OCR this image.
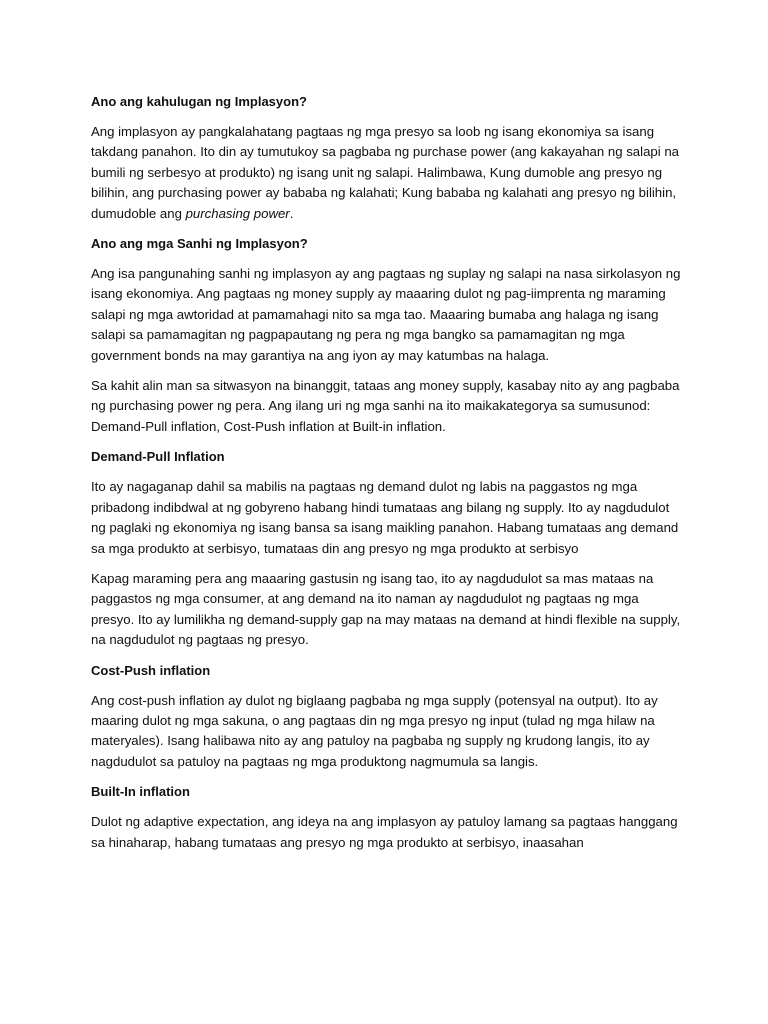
Ano ang kahulugan ng Implasyon?

Ang implasyon ay pangkalahatang pagtaas ng mga presyo sa loob ng isang ekonomiya sa isang takdang panahon. Ito din ay tumutukoy sa pagbaba ng purchase power (ang kakayahan ng salapi na bumili ng serbesyo at produkto) ng isang unit ng salapi. Halimbawa, Kung dumoble ang presyo ng bilihin, ang purchasing power ay bababa ng kalahati; Kung bababa ng kalahati ang presyo ng bilihin, dumudoble ang purchasing power.

Ano ang mga Sanhi ng Implasyon?

Ang isa pangunahing sanhi ng implasyon ay ang pagtaas ng suplay ng salapi na nasa sirkolasyon ng isang ekonomiya. Ang pagtaas ng money supply ay maaaring dulot ng pag-iimprenta ng maraming salapi ng mga awtoridad at pamamahagi nito sa mga tao. Maaaring bumaba ang halaga ng isang salapi sa pamamagitan ng pagpapautang ng pera ng mga bangko sa pamamagitan ng mga government bonds na may garantiya na ang iyon ay may katumbas na halaga.

Sa kahit alin man sa sitwasyon na binanggit, tataas ang money supply, kasabay nito ay ang pagbaba ng purchasing power ng pera. Ang ilang uri ng mga sanhi na ito maikakategorya sa sumusunod: Demand-Pull inflation, Cost-Push inflation at Built-in inflation.

Demand-Pull Inflation

Ito ay nagaganap dahil sa mabilis na pagtaas ng demand dulot ng labis na paggastos ng mga pribadong indibdwal at ng gobyreno habang hindi tumataas ang bilang ng supply. Ito ay nagdudulot ng paglaki ng ekonomiya ng isang bansa sa isang maikling panahon. Habang tumataas ang demand sa mga produkto at serbisyo, tumataas din ang presyo ng mga produkto at serbisyo

Kapag maraming pera ang maaaring gastusin ng isang tao, ito ay nagdudulot sa mas mataas na paggastos ng mga consumer, at ang demand na ito naman ay nagdudulot ng pagtaas ng mga presyo. Ito ay lumilikha ng demand-supply gap na may mataas na demand at hindi flexible na supply, na nagdudulot ng pagtaas ng presyo.

Cost-Push inflation

Ang cost-push inflation ay dulot ng biglaang pagbaba ng mga supply (potensyal na output). Ito ay maaring dulot ng mga sakuna, o ang pagtaas din ng mga presyo ng input (tulad ng mga hilaw na materyales). Isang halibawa nito ay ang patuloy na pagbaba ng supply ng krudong langis, ito ay nagdudulot sa patuloy na pagtaas ng mga produktong nagmumula sa langis.

Built-In inflation

Dulot ng adaptive expectation, ang ideya na ang implasyon ay patuloy lamang sa pagtaas hanggang sa hinaharap, habang tumataas ang presyo ng mga produkto at serbisyo, inaasahan
